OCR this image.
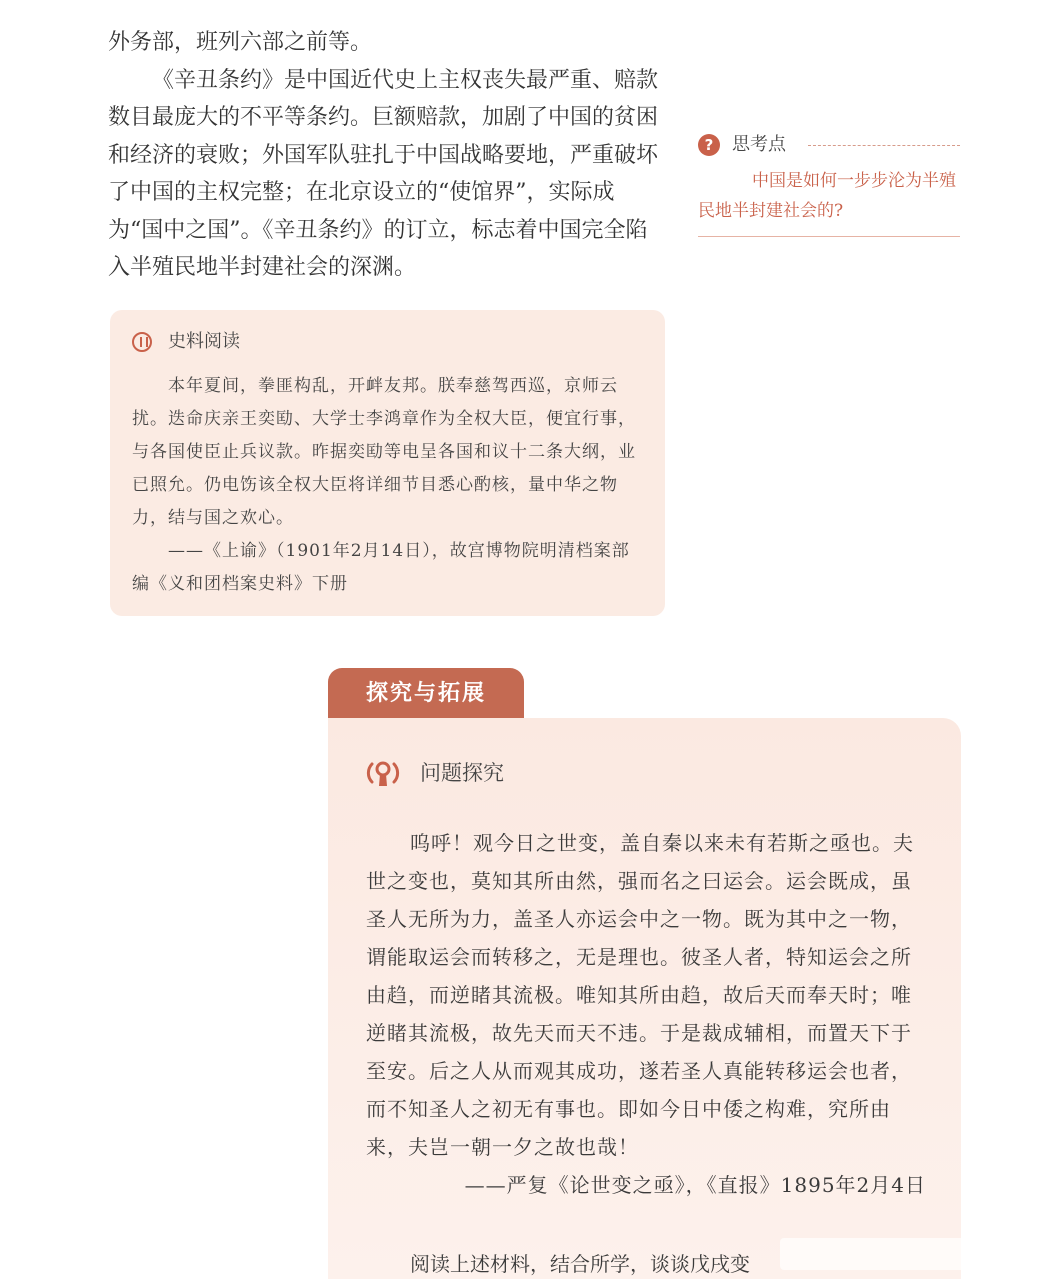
外务部，班列六部之前等。

《辛丑条约》是中国近代史上主权丧失最严重、赔款数目最庞大的不平等条约。巨额赔款，加剧了中国的贫困和经济的衰败；外国军队驻扎于中国战略要地，严重破坏了中国的主权完整；在北京设立的“使馆界”，实际成为“国中之国”。《辛丑条约》的订立，标志着中国完全陷入半殖民地半封建社会的深渊。

?	思考点
中国是如何一步步沦为半殖民地半封建社会的?
史料阅读

本年夏间，拳匪构乱，开衅友邦。朕奉慈驾西巡，京师云扰。迭命庆亲王奕劻、大学士李鸿章作为全权大臣，便宜行事，与各国使臣止兵议款。昨据奕劻等电呈各国和议十二条大纲，业已照允。仍电饬该全权大臣将详细节目悉心酌核，量中华之物力，结与国之欢心。

——《上谕》（1901年2月14日），故宫博物院明清档案部编《义和团档案史料》下册

探究与拓展
问题探究

呜呼！观今日之世变，盖自秦以来未有若斯之亟也。夫世之变也，莫知其所由然，强而名之曰运会。运会既成，虽圣人无所为力，盖圣人亦运会中之一物。既为其中之一物，谓能取运会而转移之，无是理也。彼圣人者，特知运会之所由趋，而逆睹其流极。唯知其所由趋，故后天而奉天时；唯逆睹其流极，故先天而天不违。于是裁成辅相，而置天下于至安。后之人从而观其成功，遂若圣人真能转移运会也者，而不知圣人之初无有事也。即如今日中倭之构难，究所由来，夫岂一朝一夕之故也哉！

——严复《论世变之亟》，《直报》1895年2月4日

阅读上述材料，结合所学，谈谈戊戌变
